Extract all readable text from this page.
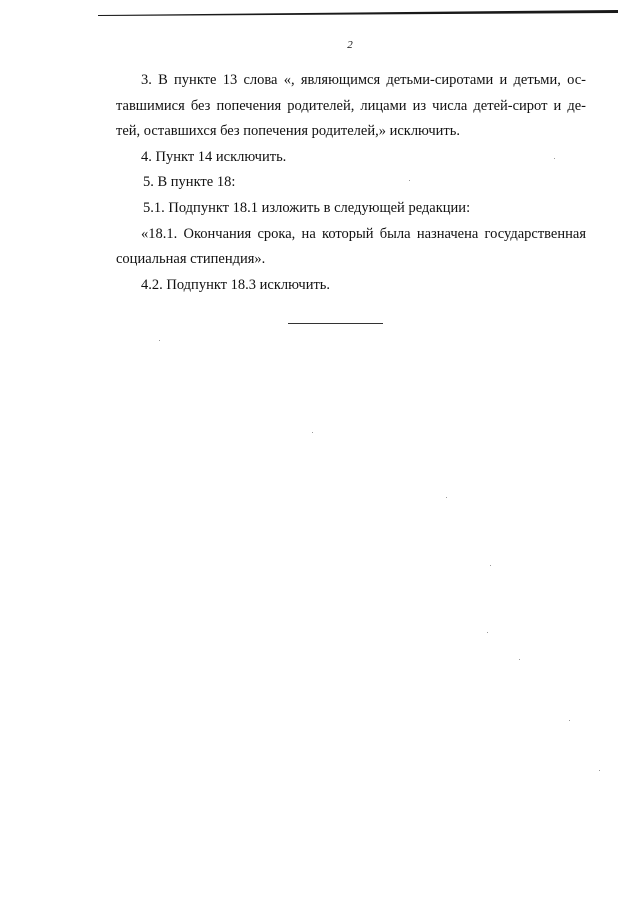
2
3. В пункте 13 слова «, являющимся детьми-сиротами и детьми, ос-
тавшимися без попечения родителей, лицами из числа детей-сирот и де-
тей, оставшихся без попечения родителей,» исключить.
4. Пункт 14 исключить.
5. В пункте 18:
5.1. Подпункт 18.1 изложить в следующей редакции:
«18.1. Окончания срока, на который была назначена государственная
социальная стипендия».
4.2. Подпункт 18.3 исключить.
